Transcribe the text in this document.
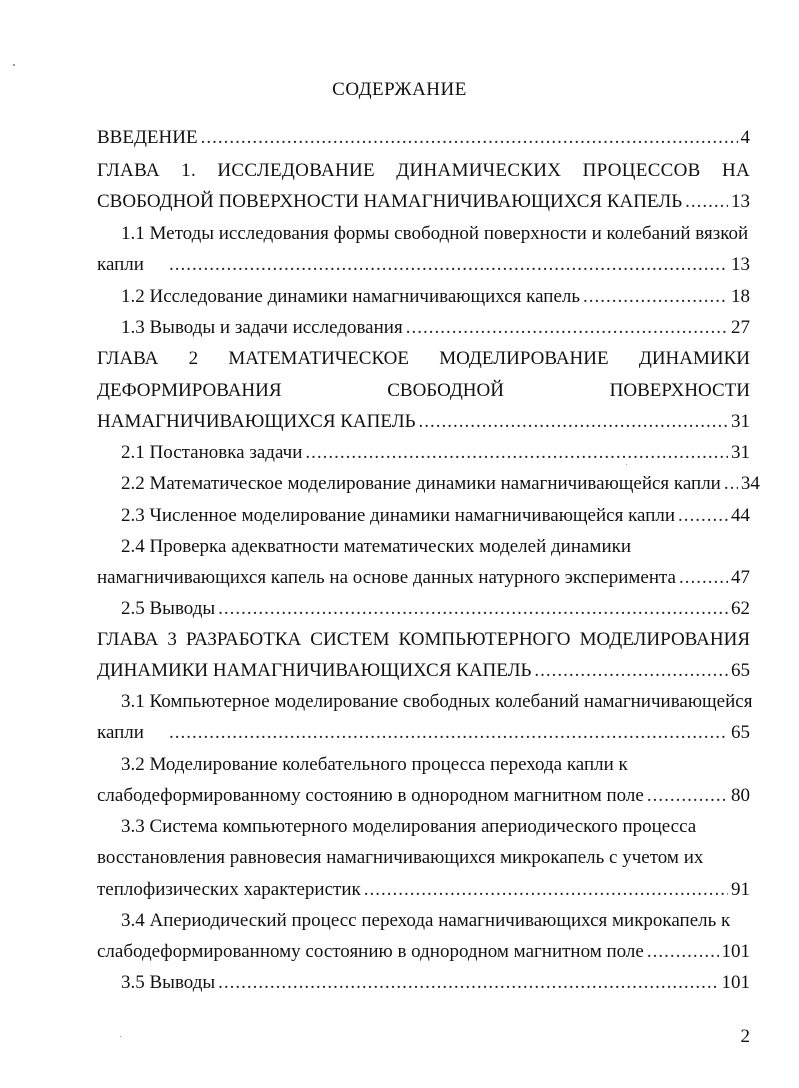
СОДЕРЖАНИЕ
ВВЕДЕНИЕ .....	4
ГЛАВА 1. ИССЛЕДОВАНИЕ ДИНАМИЧЕСКИХ ПРОЦЕССОВ НА
СВОБОДНОЙ ПОВЕРХНОСТИ НАМАГНИЧИВАЮЩИХСЯ КАПЕЛЬ .....	13
1.1 Методы исследования формы свободной поверхности и колебаний вязкой
капли .....	13
1.2 Исследование динамики намагничивающихся капель .....	18
1.3 Выводы и задачи исследования .....	27
ГЛАВА 2 МАТЕМАТИЧЕСКОЕ МОДЕЛИРОВАНИЕ ДИНАМИКИ
ДЕФОРМИРОВАНИЯ СВОБОДНОЙ ПОВЕРХНОСТИ
НАМАГНИЧИВАЮЩИХСЯ КАПЕЛЬ .....	31
2.1 Постановка задачи .....	31
2.2 Математическое моделирование динамики намагничивающейся капли ..... 34
2.3 Численное моделирование динамики намагничивающейся капли .....	44
2.4 Проверка адекватности математических моделей динамики
намагничивающихся капель на основе данных натурного эксперимента .....	47
2.5 Выводы .....	62
ГЛАВА 3 РАЗРАБОТКА СИСТЕМ КОМПЬЮТЕРНОГО МОДЕЛИРОВАНИЯ
ДИНАМИКИ НАМАГНИЧИВАЮЩИХСЯ КАПЕЛЬ .....	65
3.1 Компьютерное моделирование свободных колебаний намагничивающейся
капли .....	65
3.2 Моделирование колебательного процесса перехода капли к
слабодеформированному состоянию в однородном магнитном поле .....	80
3.3 Система компьютерного моделирования апериодического процесса
восстановления равновесия намагничивающихся микрокапель с учетом их
теплофизических характеристик .....	91
3.4 Апериодический процесс перехода намагничивающихся микрокапель к
слабодеформированному состоянию в однородном магнитном поле .....	101
3.5 Выводы .....	101
2
